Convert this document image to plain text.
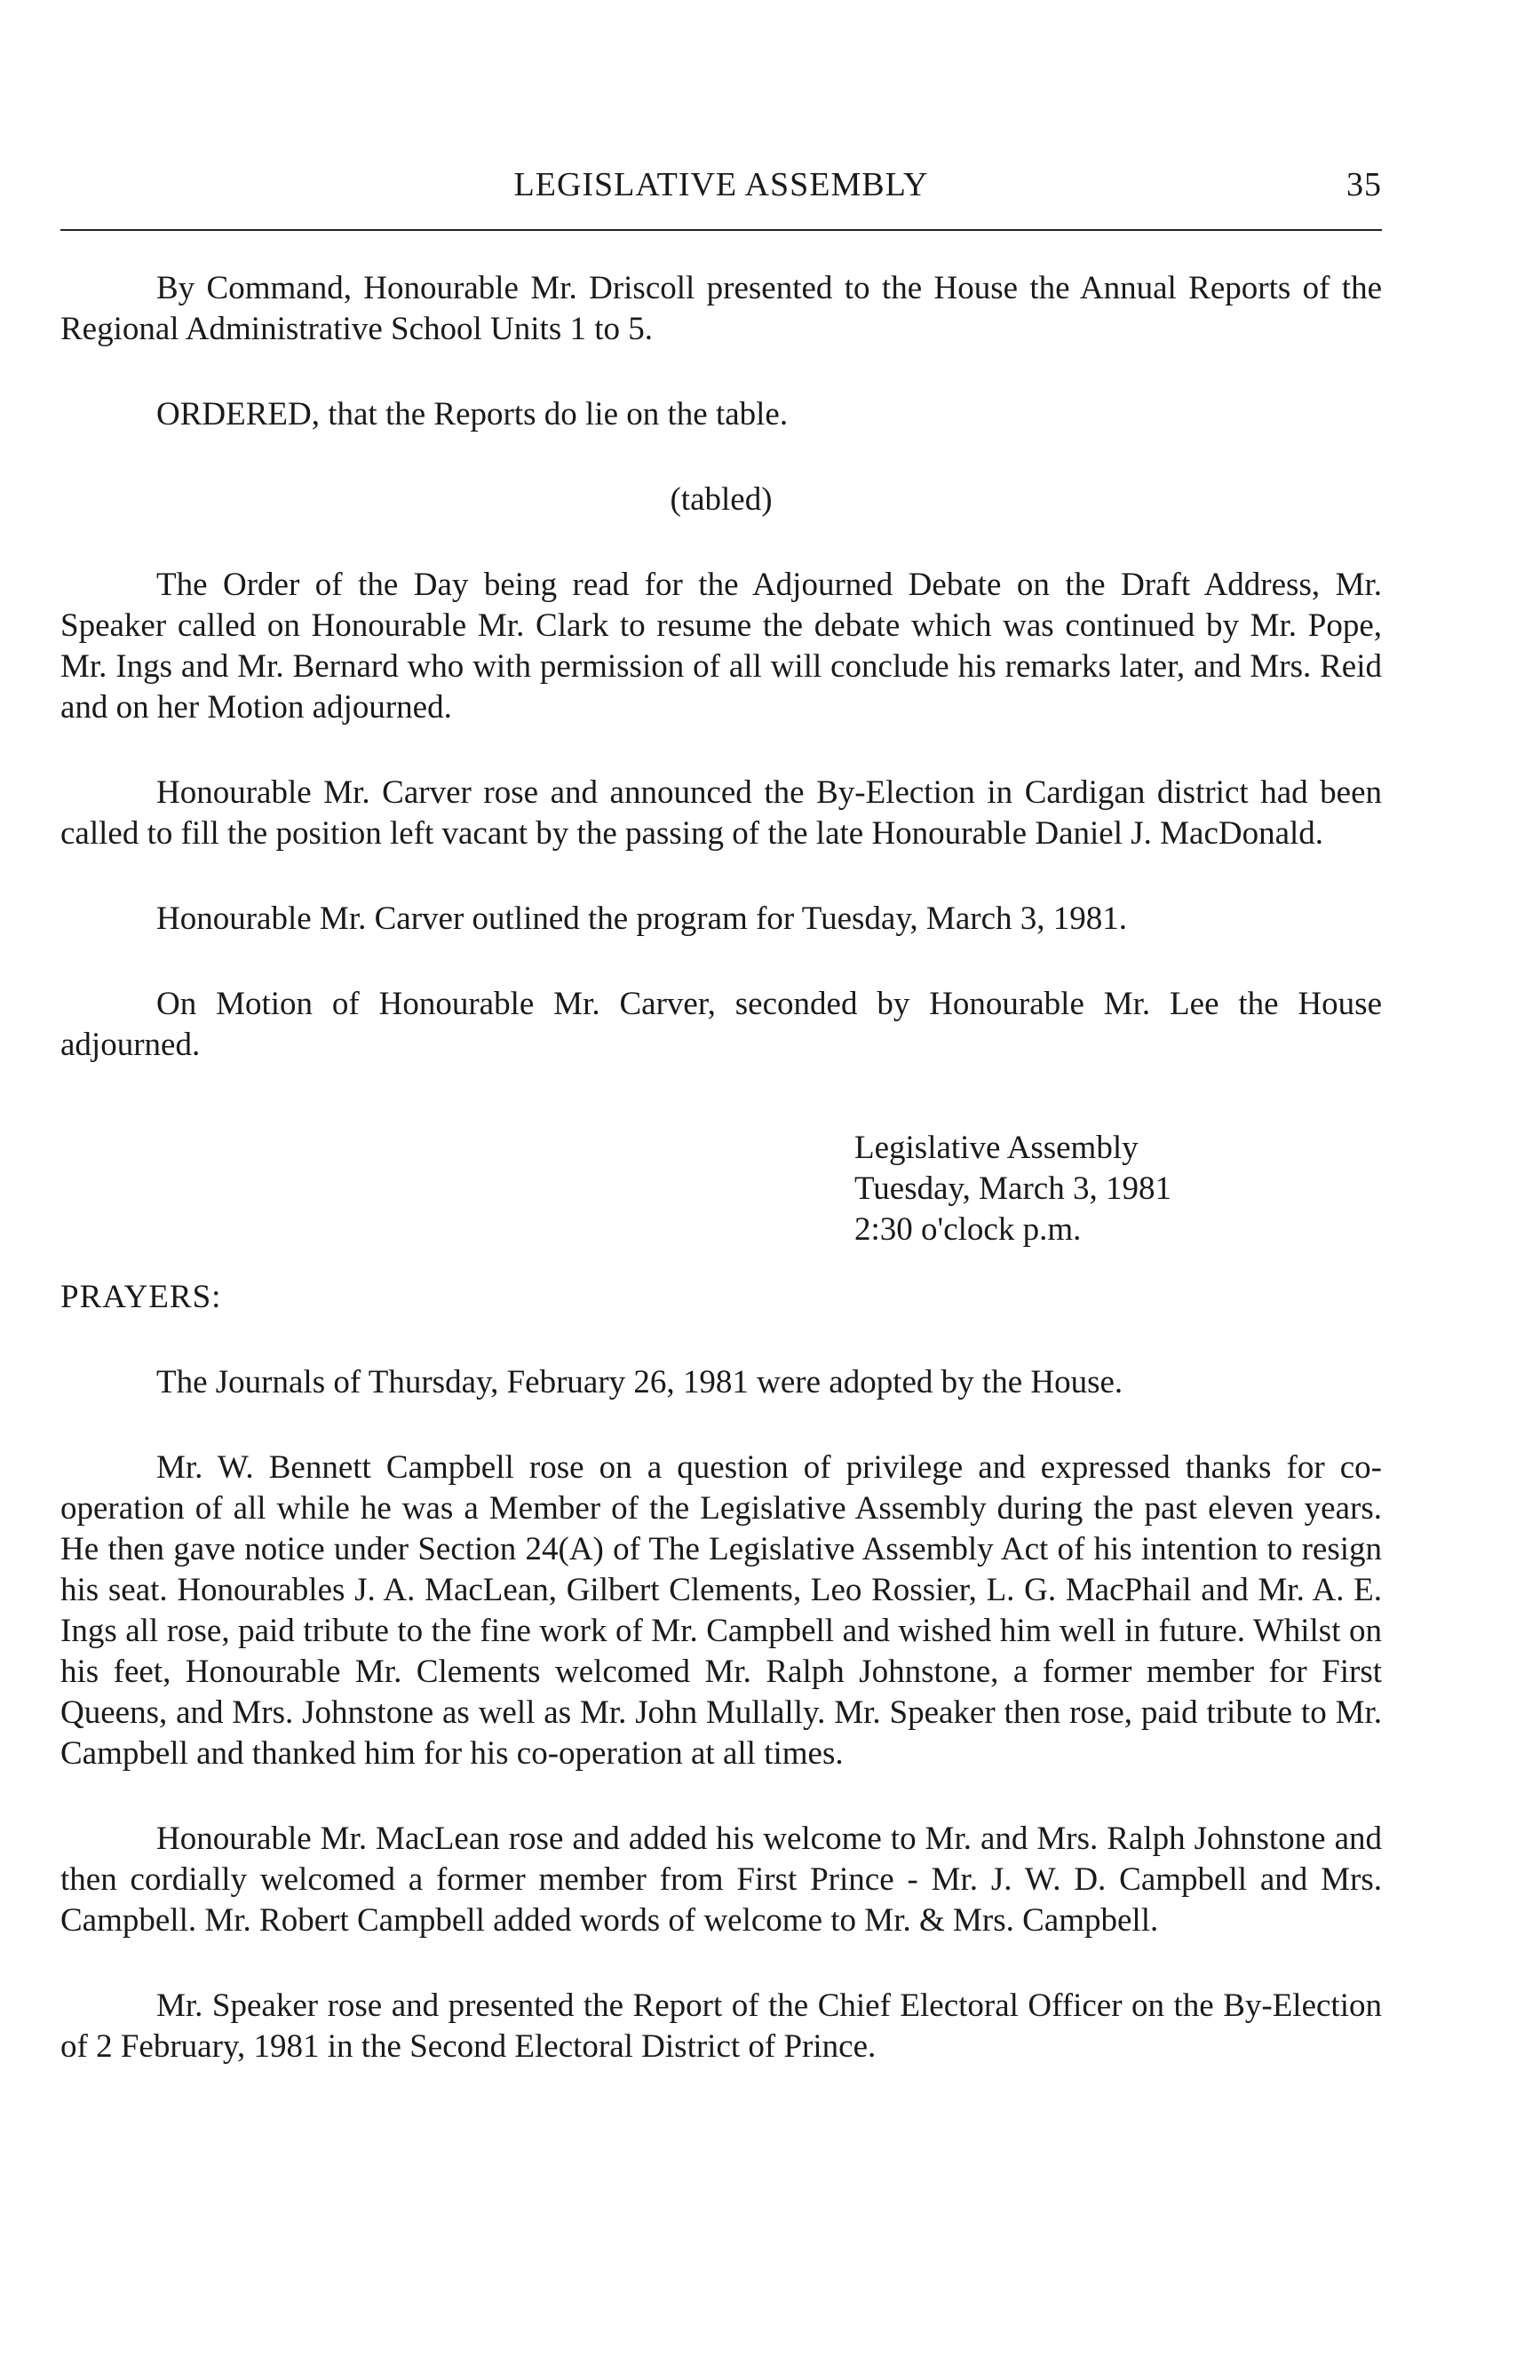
LEGISLATIVE ASSEMBLY	35

By Command, Honourable Mr. Driscoll presented to the House the Annual Reports of the Regional Administrative School Units 1 to 5.

ORDERED, that the Reports do lie on the table.

(tabled)

The Order of the Day being read for the Adjourned Debate on the Draft Address, Mr. Speaker called on Honourable Mr. Clark to resume the debate which was continued by Mr. Pope, Mr. Ings and Mr. Bernard who with permission of all will conclude his remarks later, and Mrs. Reid and on her Motion adjourned.

Honourable Mr. Carver rose and announced the By-Election in Cardigan district had been called to fill the position left vacant by the passing of the late Honourable Daniel J. MacDonald.

Honourable Mr. Carver outlined the program for Tuesday, March 3, 1981.

On Motion of Honourable Mr. Carver, seconded by Honourable Mr. Lee the House adjourned.

Legislative Assembly
Tuesday, March 3, 1981
2:30 o'clock p.m.
PRAYERS:

The Journals of Thursday, February 26, 1981 were adopted by the House.

Mr. W. Bennett Campbell rose on a question of privilege and expressed thanks for co-operation of all while he was a Member of the Legislative Assembly during the past eleven years. He then gave notice under Section 24(A) of The Legislative Assembly Act of his intention to resign his seat. Honourables J. A. MacLean, Gilbert Clements, Leo Rossier, L. G. MacPhail and Mr. A. E. Ings all rose, paid tribute to the fine work of Mr. Campbell and wished him well in future. Whilst on his feet, Honourable Mr. Clements welcomed Mr. Ralph Johnstone, a former member for First Queens, and Mrs. Johnstone as well as Mr. John Mullally. Mr. Speaker then rose, paid tribute to Mr. Campbell and thanked him for his co-operation at all times.

Honourable Mr. MacLean rose and added his welcome to Mr. and Mrs. Ralph Johnstone and then cordially welcomed a former member from First Prince - Mr. J. W. D. Campbell and Mrs. Campbell. Mr. Robert Campbell added words of welcome to Mr. & Mrs. Campbell.

Mr. Speaker rose and presented the Report of the Chief Electoral Officer on the By-Election of 2 February, 1981 in the Second Electoral District of Prince.
